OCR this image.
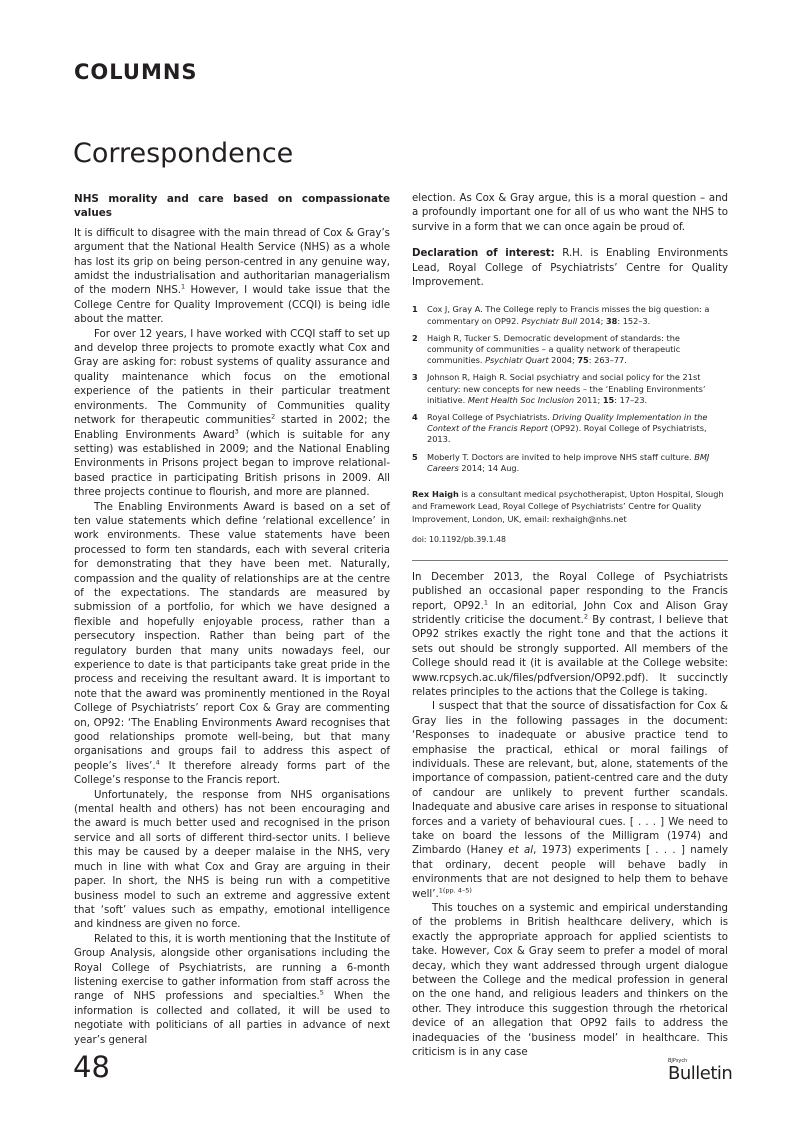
COLUMNS
Correspondence
NHS morality and care based on compassionate values

It is difficult to disagree with the main thread of Cox & Gray’s argument that the National Health Service (NHS) as a whole has lost its grip on being person-centred in any genuine way, amidst the industrialisation and authoritarian managerialism of the modern NHS.$^1$ However, I would take issue that the College Centre for Quality Improvement (CCQI) is being idle about the matter.

For over 12 years, I have worked with CCQI staff to set up and develop three projects to promote exactly what Cox and Gray are asking for: robust systems of quality assurance and quality maintenance which focus on the emotional experience of the patients in their particular treatment environments. The Community of Communities quality network for therapeutic communities$^2$ started in 2002; the Enabling Environments Award$^3$ (which is suitable for any setting) was established in 2009; and the National Enabling Environments in Prisons project began to improve relational-based practice in participating British prisons in 2009. All three projects continue to flourish, and more are planned.

The Enabling Environments Award is based on a set of ten value statements which define ‘relational excellence’ in work environments. These value statements have been processed to form ten standards, each with several criteria for demonstrating that they have been met. Naturally, compassion and the quality of relationships are at the centre of the expectations. The standards are measured by submission of a portfolio, for which we have designed a flexible and hopefully enjoyable process, rather than a persecutory inspection. Rather than being part of the regulatory burden that many units nowadays feel, our experience to date is that participants take great pride in the process and receiving the resultant award. It is important to note that the award was prominently mentioned in the Royal College of Psychiatrists’ report Cox & Gray are commenting on, OP92: ‘The Enabling Environments Award recognises that good relationships promote well-being, but that many organisations and groups fail to address this aspect of people’s lives’.$^4$ It therefore already forms part of the College’s response to the Francis report.

Unfortunately, the response from NHS organisations (mental health and others) has not been encouraging and the award is much better used and recognised in the prison service and all sorts of different third-sector units. I believe this may be caused by a deeper malaise in the NHS, very much in line with what Cox and Gray are arguing in their paper. In short, the NHS is being run with a competitive business model to such an extreme and aggressive extent that ‘soft’ values such as empathy, emotional intelligence and kindness are given no force.

Related to this, it is worth mentioning that the Institute of Group Analysis, alongside other organisations including the Royal College of Psychiatrists, are running a 6-month listening exercise to gather information from staff across the range of NHS professions and specialties.$^5$ When the information is collected and collated, it will be used to negotiate with politicians of all parties in advance of next year’s general

election. As Cox & Gray argue, this is a moral question – and a profoundly important one for all of us who want the NHS to survive in a form that we can once again be proud of.

Declaration of interest: R.H. is Enabling Environments Lead, Royal College of Psychiatrists’ Centre for Quality Improvement.

1 Cox J, Gray A. The College reply to Francis misses the big question: a commentary on OP92. Psychiatr Bull 2014; 38: 152–3.
2 Haigh R, Tucker S. Democratic development of standards: the community of communities – a quality network of therapeutic communities. Psychiatr Quart 2004; 75: 263–77.
3 Johnson R, Haigh R. Social psychiatry and social policy for the 21st century: new concepts for new needs – the ‘Enabling Environments’ initiative. Ment Health Soc Inclusion 2011; 15: 17–23.
4 Royal College of Psychiatrists. Driving Quality Implementation in the Context of the Francis Report (OP92). Royal College of Psychiatrists, 2013.
5 Moberly T. Doctors are invited to help improve NHS staff culture. BMJ Careers 2014; 14 Aug.

Rex Haigh is a consultant medical psychotherapist, Upton Hospital, Slough and Framework Lead, Royal College of Psychiatrists’ Centre for Quality Improvement, London, UK, email: rexhaigh@nhs.net

doi: 10.1192/pb.39.1.48

In December 2013, the Royal College of Psychiatrists published an occasional paper responding to the Francis report, OP92.$^1$ In an editorial, John Cox and Alison Gray stridently criticise the document.$^2$ By contrast, I believe that OP92 strikes exactly the right tone and that the actions it sets out should be strongly supported. All members of the College should read it (it is available at the College website: www.rcpsych.ac.uk/files/pdfversion/OP92.pdf). It succinctly relates principles to the actions that the College is taking.

I suspect that that the source of dissatisfaction for Cox & Gray lies in the following passages in the document: ‘Responses to inadequate or abusive practice tend to emphasise the practical, ethical or moral failings of individuals. These are relevant, but, alone, statements of the importance of compassion, patient-centred care and the duty of candour are unlikely to prevent further scandals. Inadequate and abusive care arises in response to situational forces and a variety of behavioural cues. [ . . . ] We need to take on board the lessons of the Milligram (1974) and Zimbardo (Haney et al, 1973) experiments [ . . . ] namely that ordinary, decent people will behave badly in environments that are not designed to help them to behave well’.$^{1(pp. 4-5)}$

This touches on a systemic and empirical understanding of the problems in British healthcare delivery, which is exactly the appropriate approach for applied scientists to take. However, Cox & Gray seem to prefer a model of moral decay, which they want addressed through urgent dialogue between the College and the medical profession in general on the one hand, and religious leaders and thinkers on the other. They introduce this suggestion through the rhetorical device of an allegation that OP92 fails to address the inadequacies of the ‘business model’ in healthcare. This criticism is in any case

48	BJPsych
Bulletin
